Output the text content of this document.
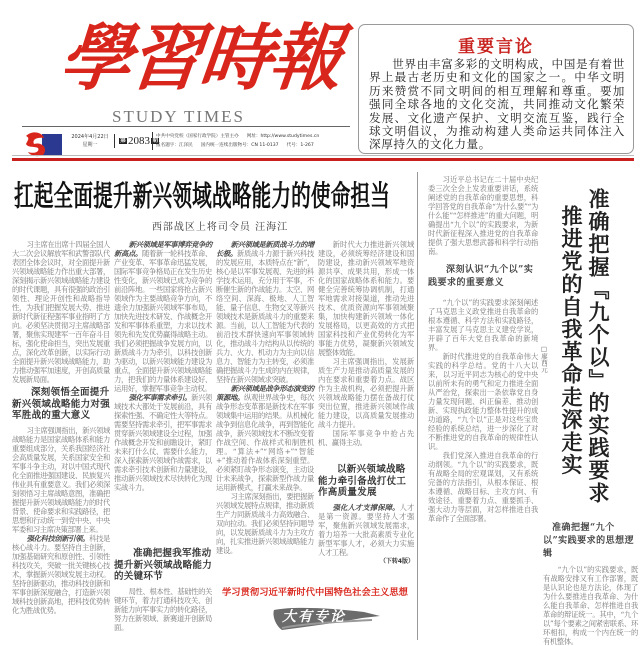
學習時報
STUDY TIMES
2024年4月22日
星期一
第 2083 期
中共中央党校（国家行政学院）主管主办 网址：http://www.studytimes.cn
报名题字：江泽民 国内统一连续出版物号：CN 11-0137 代号：1-267
重要言论
世界由丰富多彩的文明构成，中国是有着世界上最古老历史和文化的国家之一。中华文明历来赞赏不同文明间的相互理解和尊重。要加强同全球各地的文化交流，共同推动文化繁荣发展、文化遗产保护、文明交流互鉴，践行全球文明倡议，为推动构建人类命运共同体注入深厚持久的文化力量。
扛起全面提升新兴领域战略能力的使命担当
西部战区上将司令员 汪海江

习主席在出席十四届全国人大二次会议解放军和武警部队代表团全体会议时，对全面提升新兴领域战略能力作出重大部署，深刻揭示新兴领域战略能力建设的时代课题，具有很强的政治引领性、理论开创性和战略指导性，为我们把握发展大势、推进新时代新征程强军事业指明了方向。必须坚决贯彻习主席战略部署，聚焦实现建军一百年奋斗目标，强化使命担当，突出发展重点，深化改革创新，以实际行动全面提升新兴领域战略能力，助力推动强军加速度，开创高质量发展新局面。

深刻领悟全面提升新兴领域战略能力对强军胜战的重大意义

习主席强调指出，新兴领域战略能力是国家战略体系和能力重要组成部分，关系我国经济社会高质量发展，关系国家安全和军事斗争主动，对以中国式现代化全面推进强国建设、民族复兴伟业具有重要意义。我们必须深刻领悟习主席战略意图，准确把握提升新兴领域战略能力的时代背景、使命要求和实践路径，把思想和行动统一到党中央、中央军委和习主席决策部署上来。

强化科技创新引领。科技是核心战斗力。要坚持自主创新，加强基础研究和原创性、引领性科技攻关，突破一批关键核心技术，掌握新兴领域发展主动权。坚持创新驱动，推动科技创新和军事创新深度融合，打造新兴领域科技创新高地，把科技优势转化为胜战优势。

新兴领域是军事博弈竞争的新高点。随着新一轮科技革命、产业变革、军事革命迅猛发展，国际军事竞争格局正在发生历史性变化，新兴领域已成为竞争的前沿阵地。一些国家将抢占新兴领域作为主要战略竞争方向，不遗余力加强新兴领域军事布局，加快先进技术研发、作战概念开发和军事体系重塑，力求以技术领先和先发优势赢得战略主动。我们必须把握战争发展方向，以新质战斗力为牵引，以科技创新为驱动，以新兴领域能力建设为重点，全面提升新兴领域战略能力，把我们的力量体系建设好、运用好，掌握军事竞争主动权。

强化军事需求牵引。新兴领域技术大都处于发展前沿，具有探索性强、不确定性大等特点。需要坚持需求牵引，把军事需求贯穿新兴领域建设全过程，加强作战概念开发和前瞻设计，紧盯未来打什么仗、需要什么能力，深入探索新兴领域作战需求，以需求牵引技术创新和力量建设，推动新兴领域技术尽快转化为现实战斗力。

准确把握我军推动提升新兴领域战略能力的关键环节

局性、根本性、基础性的关键环节，着力打通科技攻关、创新能力向军事实力的转化路径，努力在新领域、新赛道开创新局面。

新兴领域是新质战斗力的增长极。新质战斗力源于新兴科技的发展应用，本质特点在“新”，核心是以军事发展观、先进的科学技术运用，充分用于军事，不断催生新的作战能力。太空、网络空间、深海、极地、人工智能、量子信息、生物交叉等新兴领域技术是新质战斗力的重要来源。当前，以人工智能为代表的前沿技术群快速向军事领域转化，推动战斗力结构从以传统的兵力、火力、机动力为主向以信息力、智能力为主转变，必须准确把握战斗力生成的内在规律，坚持在新兴领域求突破。

新兴领域是战争形态演变的策源地。纵观世界战争史，每次战争形态变革都是新技术在军事领域集中运用的结果。从机械化战争到信息化战争，再到智能化战争，新兴领域技术不断改变着作战空间、作战样式和制胜机理。“算法+”“网络+”“智能+”推动着作战体系深刻重塑。必须紧盯战争形态演变，主动设计未来战争，探索新型作战力量运用新模式，打赢未来战争。

习主席深刻指出，要把握新兴领域发展特点规律，推动新质生产力同新质战斗力高效融合、双向拉动。我们必须坚持问题导向，以发展新质战斗力为主攻方向，扎实推进新兴领域战略能力建设。

新时代大力推进新兴领域建设，必须统筹经济建设和国防建设，推动新兴领域军地资源共享、成果共用，形成一体化的国家战略体系和能力。要健全完善统筹协调机制，打通军地需求对接渠道，推动先进技术、优质资源向军事领域聚集，加快构建新兴领域一体化发展格局，以更高效的方式把国家科技和产业优势转化为军事能力优势，凝聚新兴领域发展整体效能。

习主席强调指出，发展新质生产力是推动高质量发展的内在要求和重要着力点。战区作为主战机构，必须把提升新兴领域战略能力摆在备战打仗突出位置，推进新兴领域作战能力建设，以高质量发展推动战斗力提升。

国际军事竞争中抢占先机、赢得主动。

以新兴领域战略能力牵引备战打仗工作高质量发展

强化人才支撑保障。人才是第一资源。要坚持人才强军，聚焦新兴领域发展需求，着力培养一大批高素质专业化新型军事人才，必须大力实施人才工程。

（下转4版）
学习贯彻习近平新时代中国特色社会主义思想
大有专论

习近平总书记在二十届中央纪委三次全会上发表重要讲话，系统阐述党的自我革命的重要思想，科学回答党的自我革命“为什么要”“为什么能”“怎样推进”的重大问题，明确提出“九个以”的实践要求，为新时代新征程深入推进党的自我革命提供了强大思想武器和科学行动指南。

深刻认识“九个以”实践要求的重要意义

“九个以”的实践要求深刻阐述了马克思主义政党推进自我革命的根本遵循、科学方法和实践路径，丰富发展了马克思主义建党学说，开辟了百年大党自我革命的新境界。

新时代推进党的自我革命伟大实践的科学总结。党的十八大以来，以习近平同志为核心的党中央以前所未有的勇气和定力推进全面从严治党，探索出一条依靠党自身力量发现问题、纠正偏差、推动创新、实现执政能力整体性提升的成功道路，“九个以”正是对这些宝贵经验的系统总结，进一步深化了对不断推进党的自我革命的规律性认识。

我们党深入推进自我革命的行动纲领。“九个以”的实践要求，既有战略全局的宏观谋划，又有系统完备的方法指引，从根本保证、根本遵循、战略目标、主攻方向、有效途径、重要着力点、重要抓手、强大动力等层面，对怎样推进自我革命作了全面部署。

准确把握『九个以』的实践要求
推进党的自我革命走深走实
□廖西元
准确把握“九个以”实践要求的思想逻辑

“九个以”的实践要求，既有战略安排又有工作部署，既是认识论也是方法论，体现了为什么要推进自我革命、为什么能自我革命、怎样推进自我革命的辩证统一。其中，“九个以”每个要素之间紧密联系、环环相扣，构成一个内在统一的有机整体。
